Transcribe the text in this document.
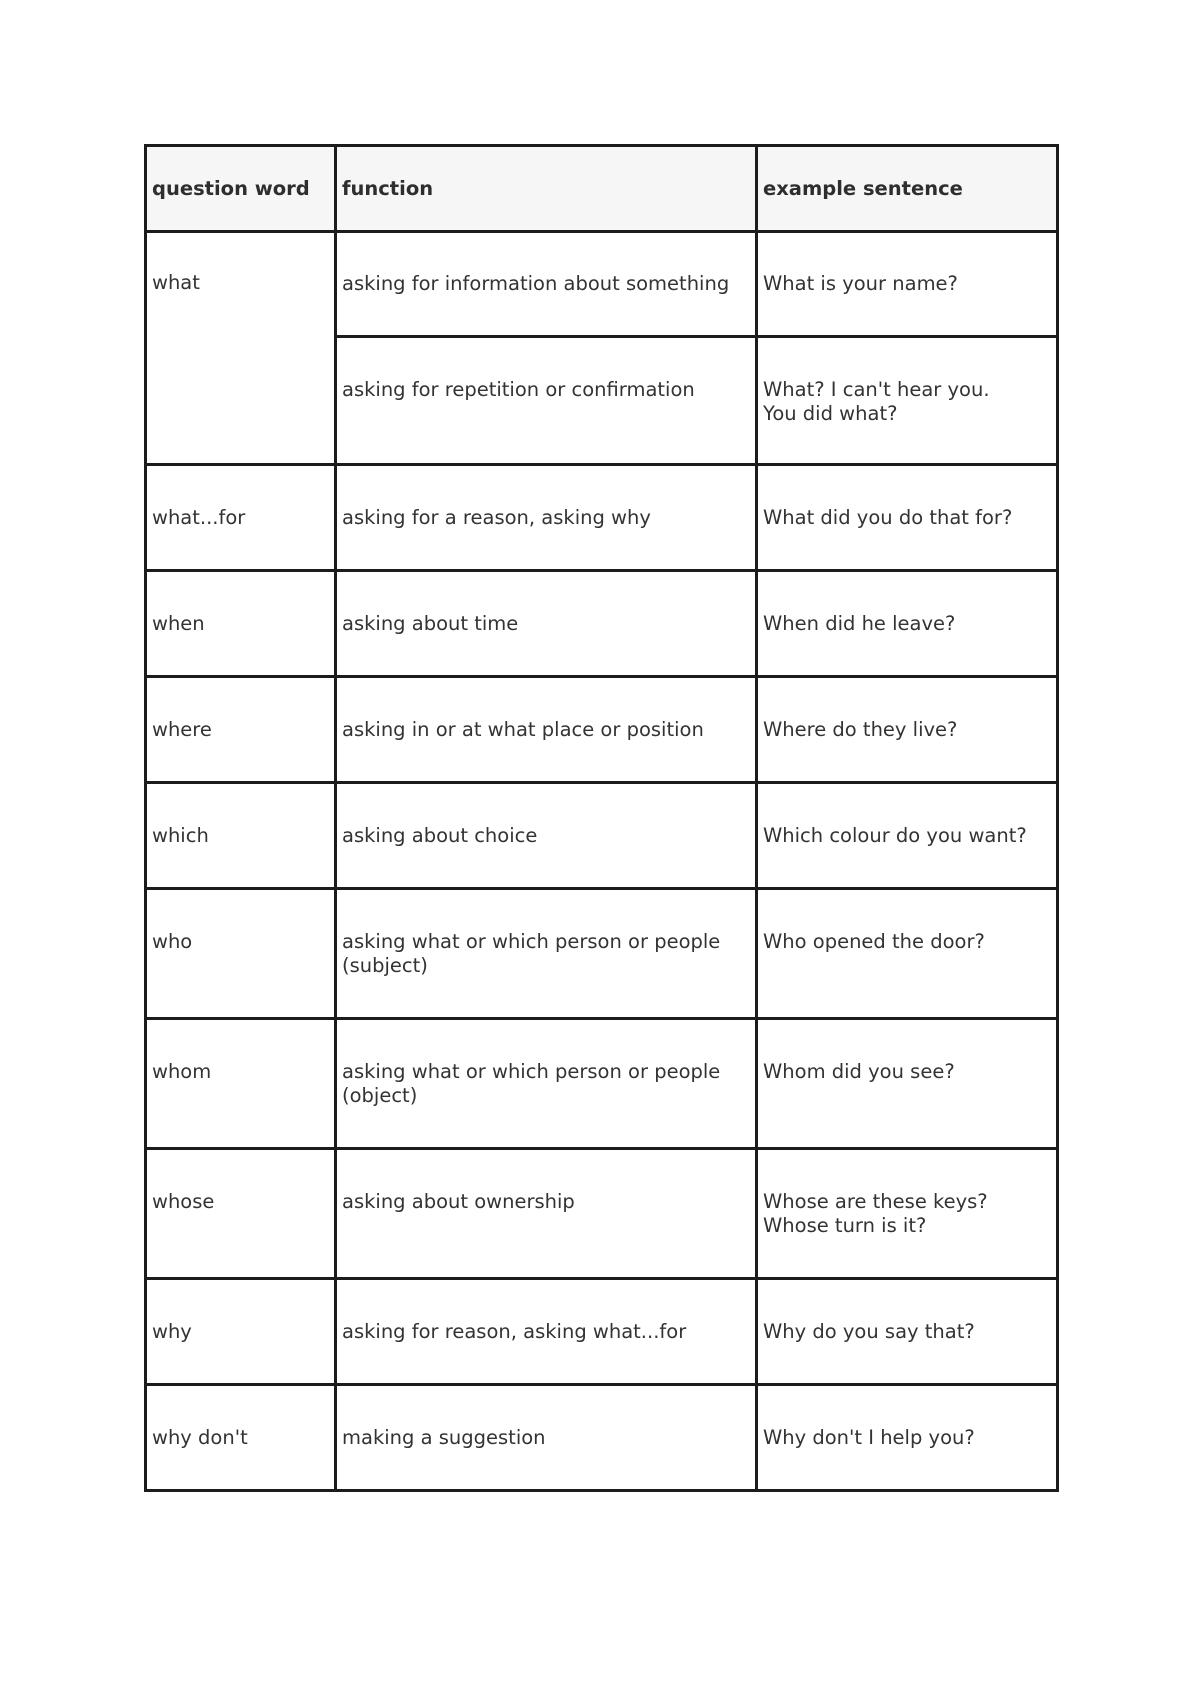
question word	function	example sentence
what	asking for information about something	What is your name?

	asking for repetition or confirmation	What? I can't hear you.
You did what?

what...for	asking for a reason, asking why	What did you do that for?

when	asking about time	When did he leave?

where	asking in or at what place or position	Where do they live?

which	asking about choice	Which colour do you want?

who	asking what or which person or people (subject)	Who opened the door?

whom	asking what or which person or people (object)	Whom did you see?

whose	asking about ownership	Whose are these keys?
Whose turn is it?

why	asking for reason, asking what...for	Why do you say that?

why don't	making a suggestion	Why don't I help you?
